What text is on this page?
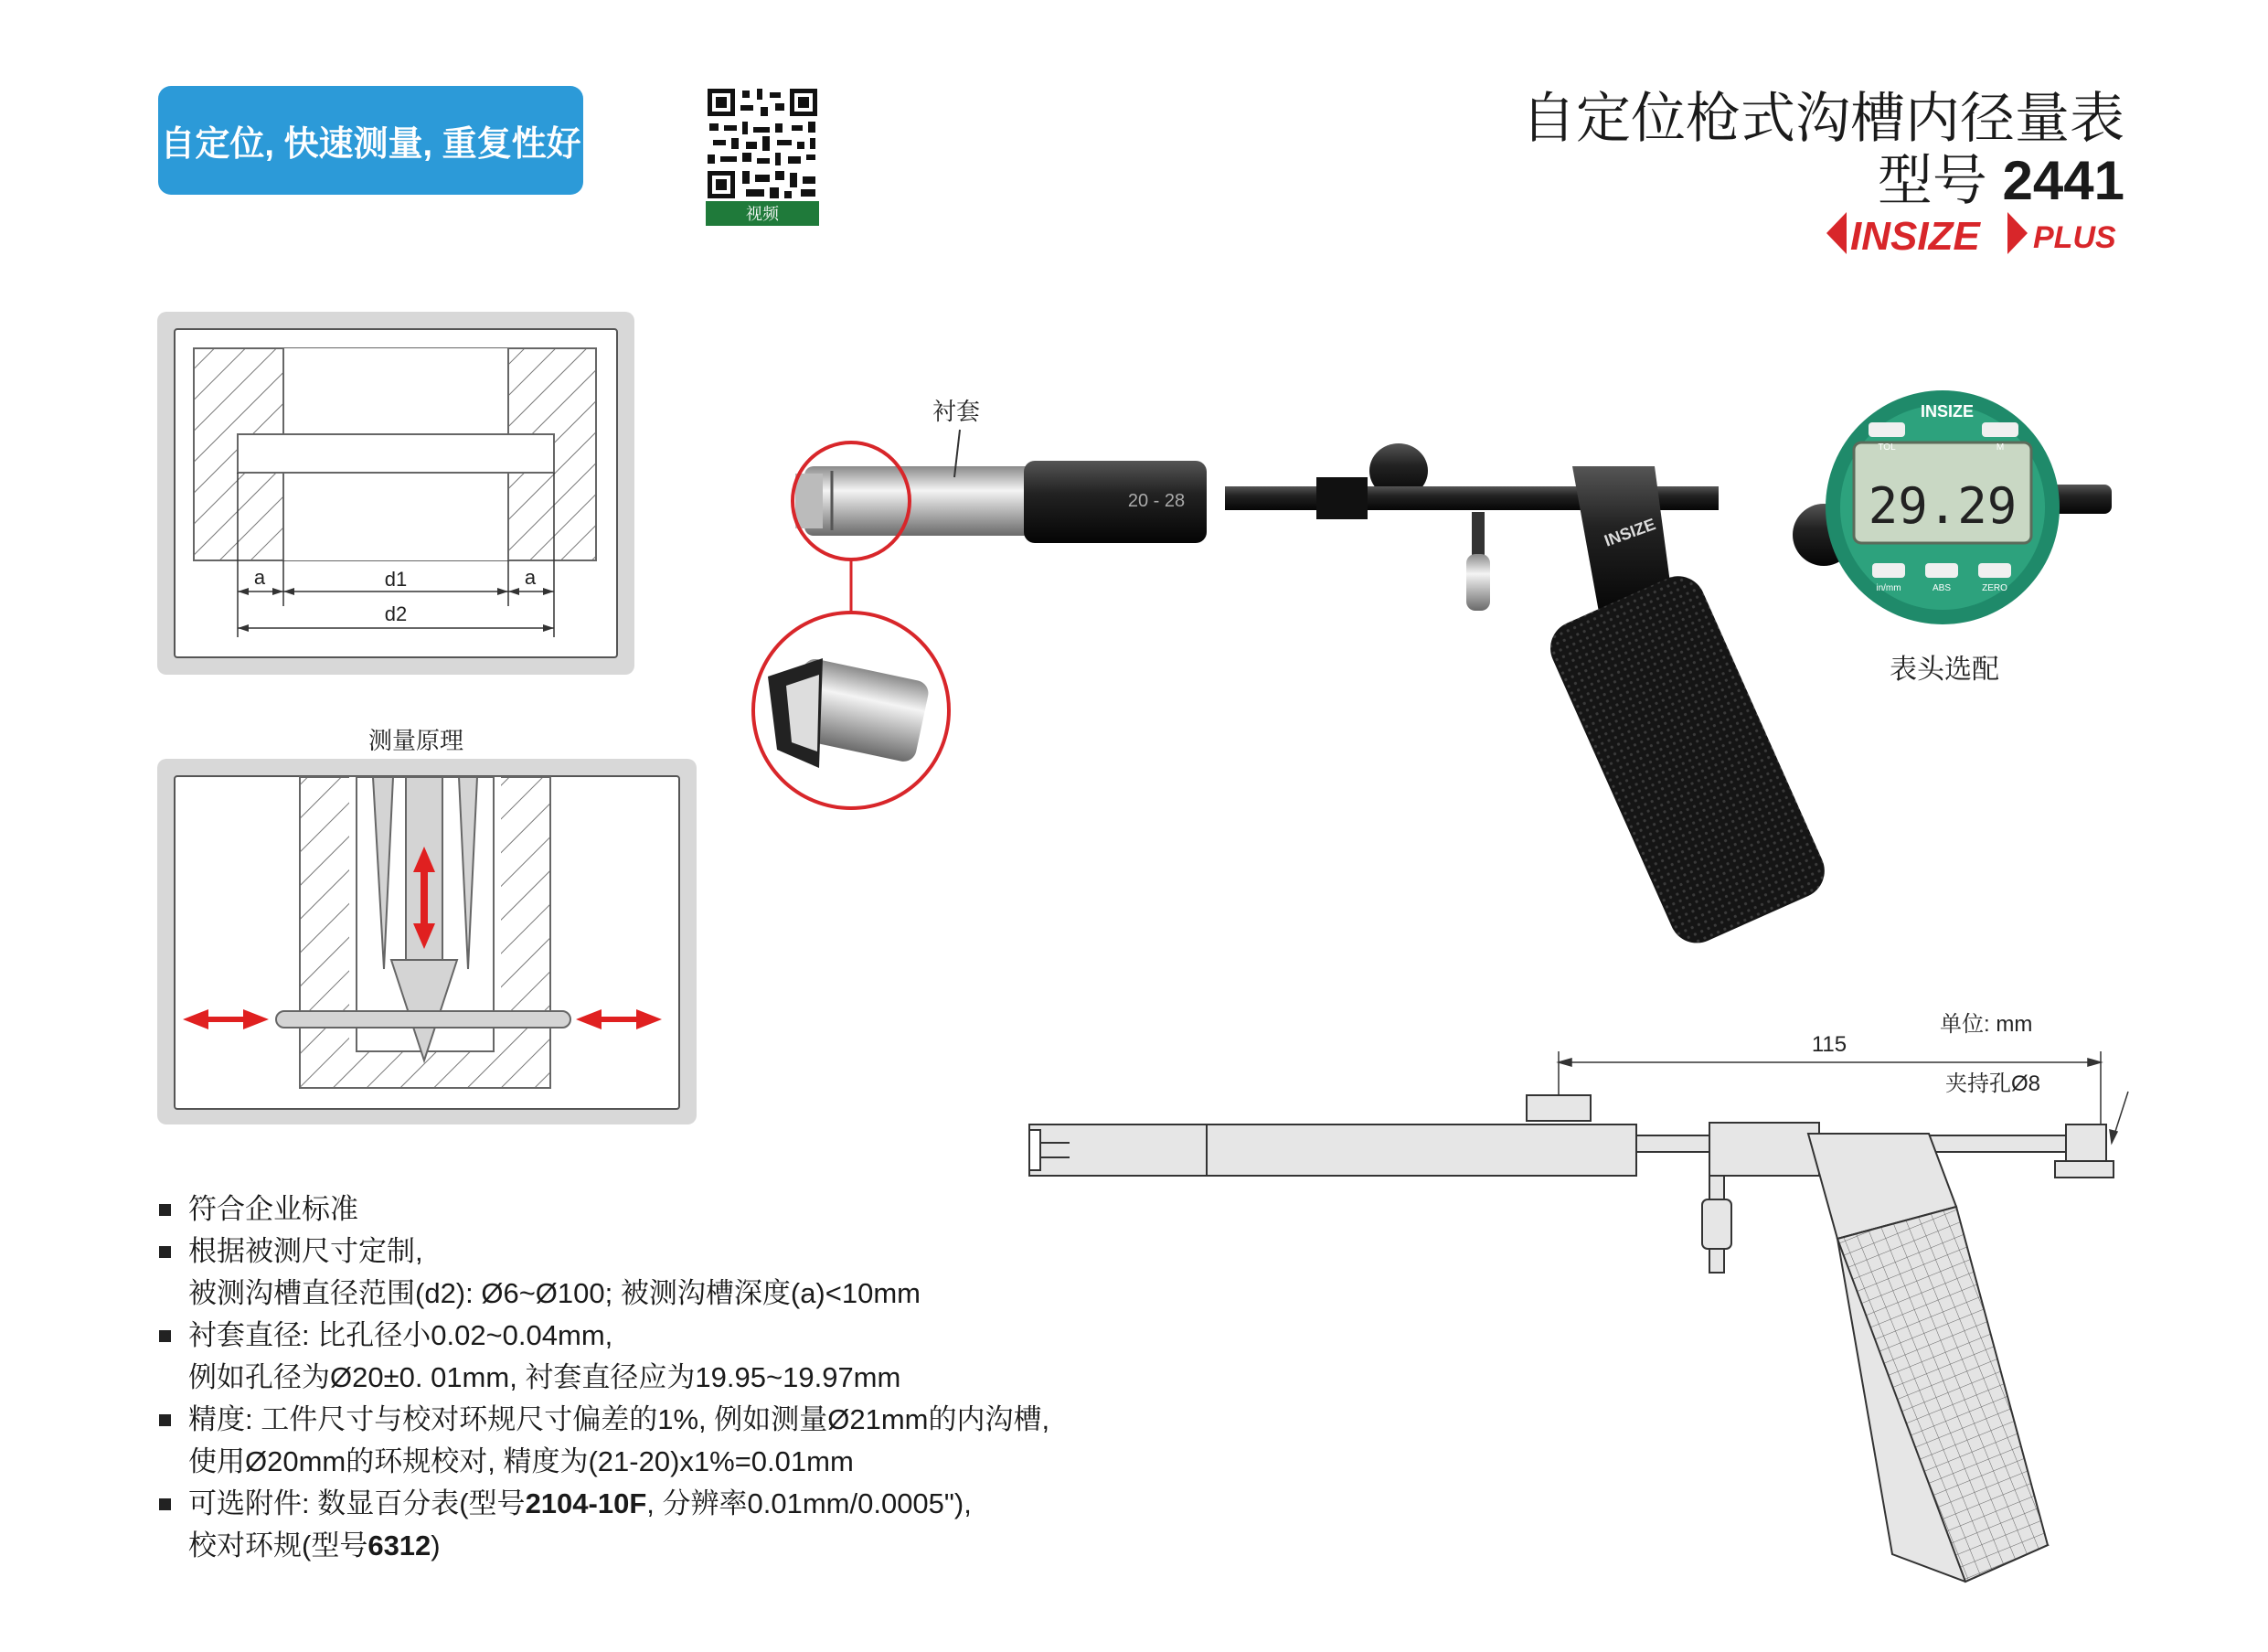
自定位, 快速测量, 重复性好
视频
自定位枪式沟槽内径量表
型号 2441
INSIZE PLUS
a	d1	a
d2
测量原理
20 - 28
INSIZE	29.29
INSIZE
TOL	M
in/mm	ABS	ZERO
衬套
表头选配
115
单位: mm
夹持孔Ø8
符合企业标准
根据被测尺寸定制,
被测沟槽直径范围(d2): Ø6~Ø100; 被测沟槽深度(a)<10mm
衬套直径: 比孔径小0.02~0.04mm,
例如孔径为Ø20±0. 01mm, 衬套直径应为19.95~19.97mm
精度: 工件尺寸与校对环规尺寸偏差的1%, 例如测量Ø21mm的内沟槽,
使用Ø20mm的环规校对, 精度为(21-20)x1%=0.01mm
可选附件: 数显百分表(型号2104-10F, 分辨率0.01mm/0.0005"),
校对环规(型号6312)
